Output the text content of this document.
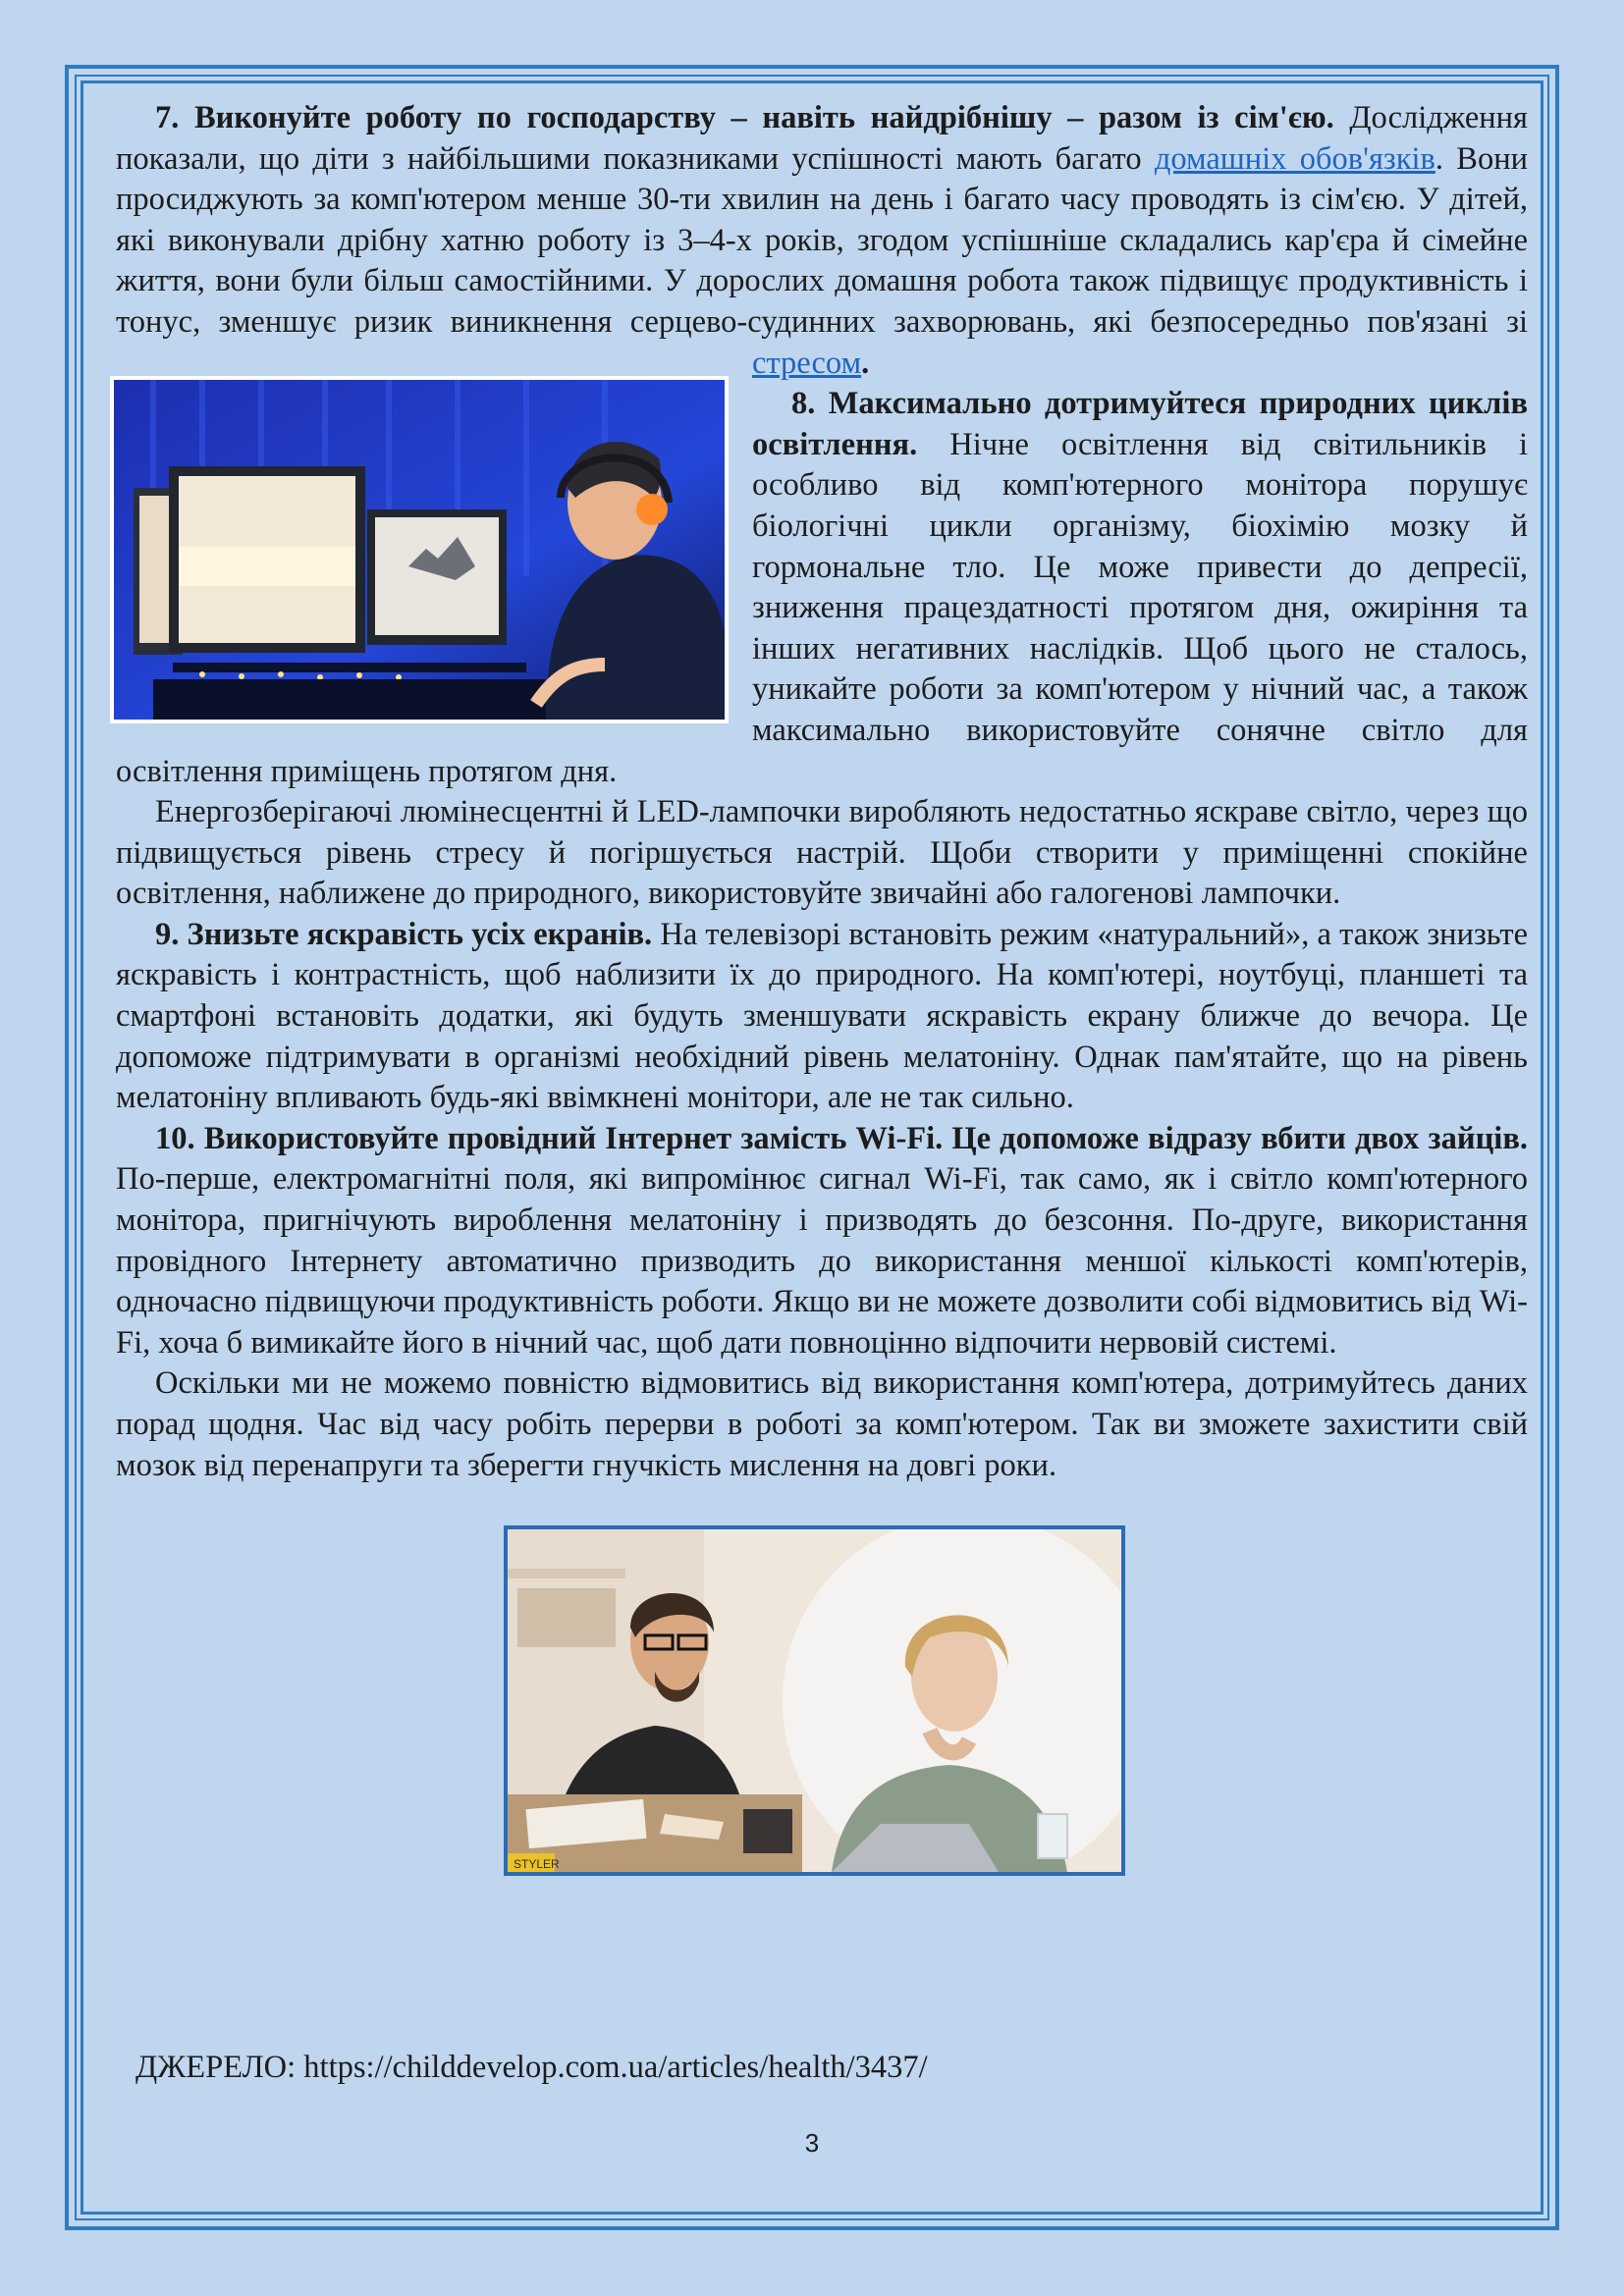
7. Виконуйте роботу по господарству – навіть найдрібнішу – разом із сім'єю. Дослідження показали, що діти з найбільшими показниками успішності мають багато домашніх обов'язків. Вони просиджують за комп'ютером менше 30-ти хвилин на день і багато часу проводять із сім'єю. У дітей, які виконували дрібну хатню роботу із 3–4-х років, згодом успішніше складались кар'єра й сімейне життя, вони були більш самостійними. У дорослих домашня робота також підвищує продуктивність і тонус, зменшує ризик виникнення серцево-судинних захворювань, які безпосередньо пов'язані зі
стресом.

8. Максимально дотримуйтеся природних циклів освітлення. Нічне освітлення від світильників і особливо від комп'ютерного монітора порушує біологічні цикли організму, біохімію мозку й гормональне тло. Це може привести до депресії, зниження працездатності протягом дня, ожиріння та інших негативних наслідків. Щоб цього не сталось, уникайте роботи за комп'ютером у нічний час, а також максимально використовуйте сонячне світло для освітлення приміщень протягом дня.

Енергозберігаючі люмінесцентні й LED-лампочки виробляють недостатньо яскраве світло, через що підвищується рівень стресу й погіршується настрій. Щоби створити у приміщенні спокійне освітлення, наближене до природного, використовуйте звичайні або галогенові лампочки.

9. Знизьте яскравість усіх екранів. На телевізорі встановіть режим «натуральний», а також знизьте яскравість і контрастність, щоб наблизити їх до природного. На комп'ютері, ноутбуці, планшеті та смартфоні встановіть додатки, які будуть зменшувати яскравість екрану ближче до вечора. Це допоможе підтримувати в організмі необхідний рівень мелатоніну. Однак пам'ятайте, що на рівень мелатоніну впливають будь-які ввімкнені монітори, але не так сильно.

10. Використовуйте провідний Інтернет замість Wi-Fi. Це допоможе відразу вбити двох зайців. По-перше, електромагнітні поля, які випромінює сигнал Wi-Fi, так само, як і світло комп'ютерного монітора, пригнічують вироблення мелатоніну і призводять до безсоння. По-друге, використання провідного Інтернету автоматично призводить до використання меншої кількості комп'ютерів, одночасно підвищуючи продуктивність роботи. Якщо ви не можете дозволити собі відмовитись від Wi-Fi, хоча б вимикайте його в нічний час, щоб дати повноцінно відпочити нервовій системі.

Оскільки ми не можемо повністю відмовитись від використання комп'ютера, дотримуйтесь даних порад щодня. Час від часу робіть перерви в роботі за комп'ютером. Так ви зможете захистити свій мозок від перенапруги та зберегти гнучкість мислення на довгі роки.

STYLER
ДЖЕРЕЛО: https://childdevelop.com.ua/articles/health/3437/
3
